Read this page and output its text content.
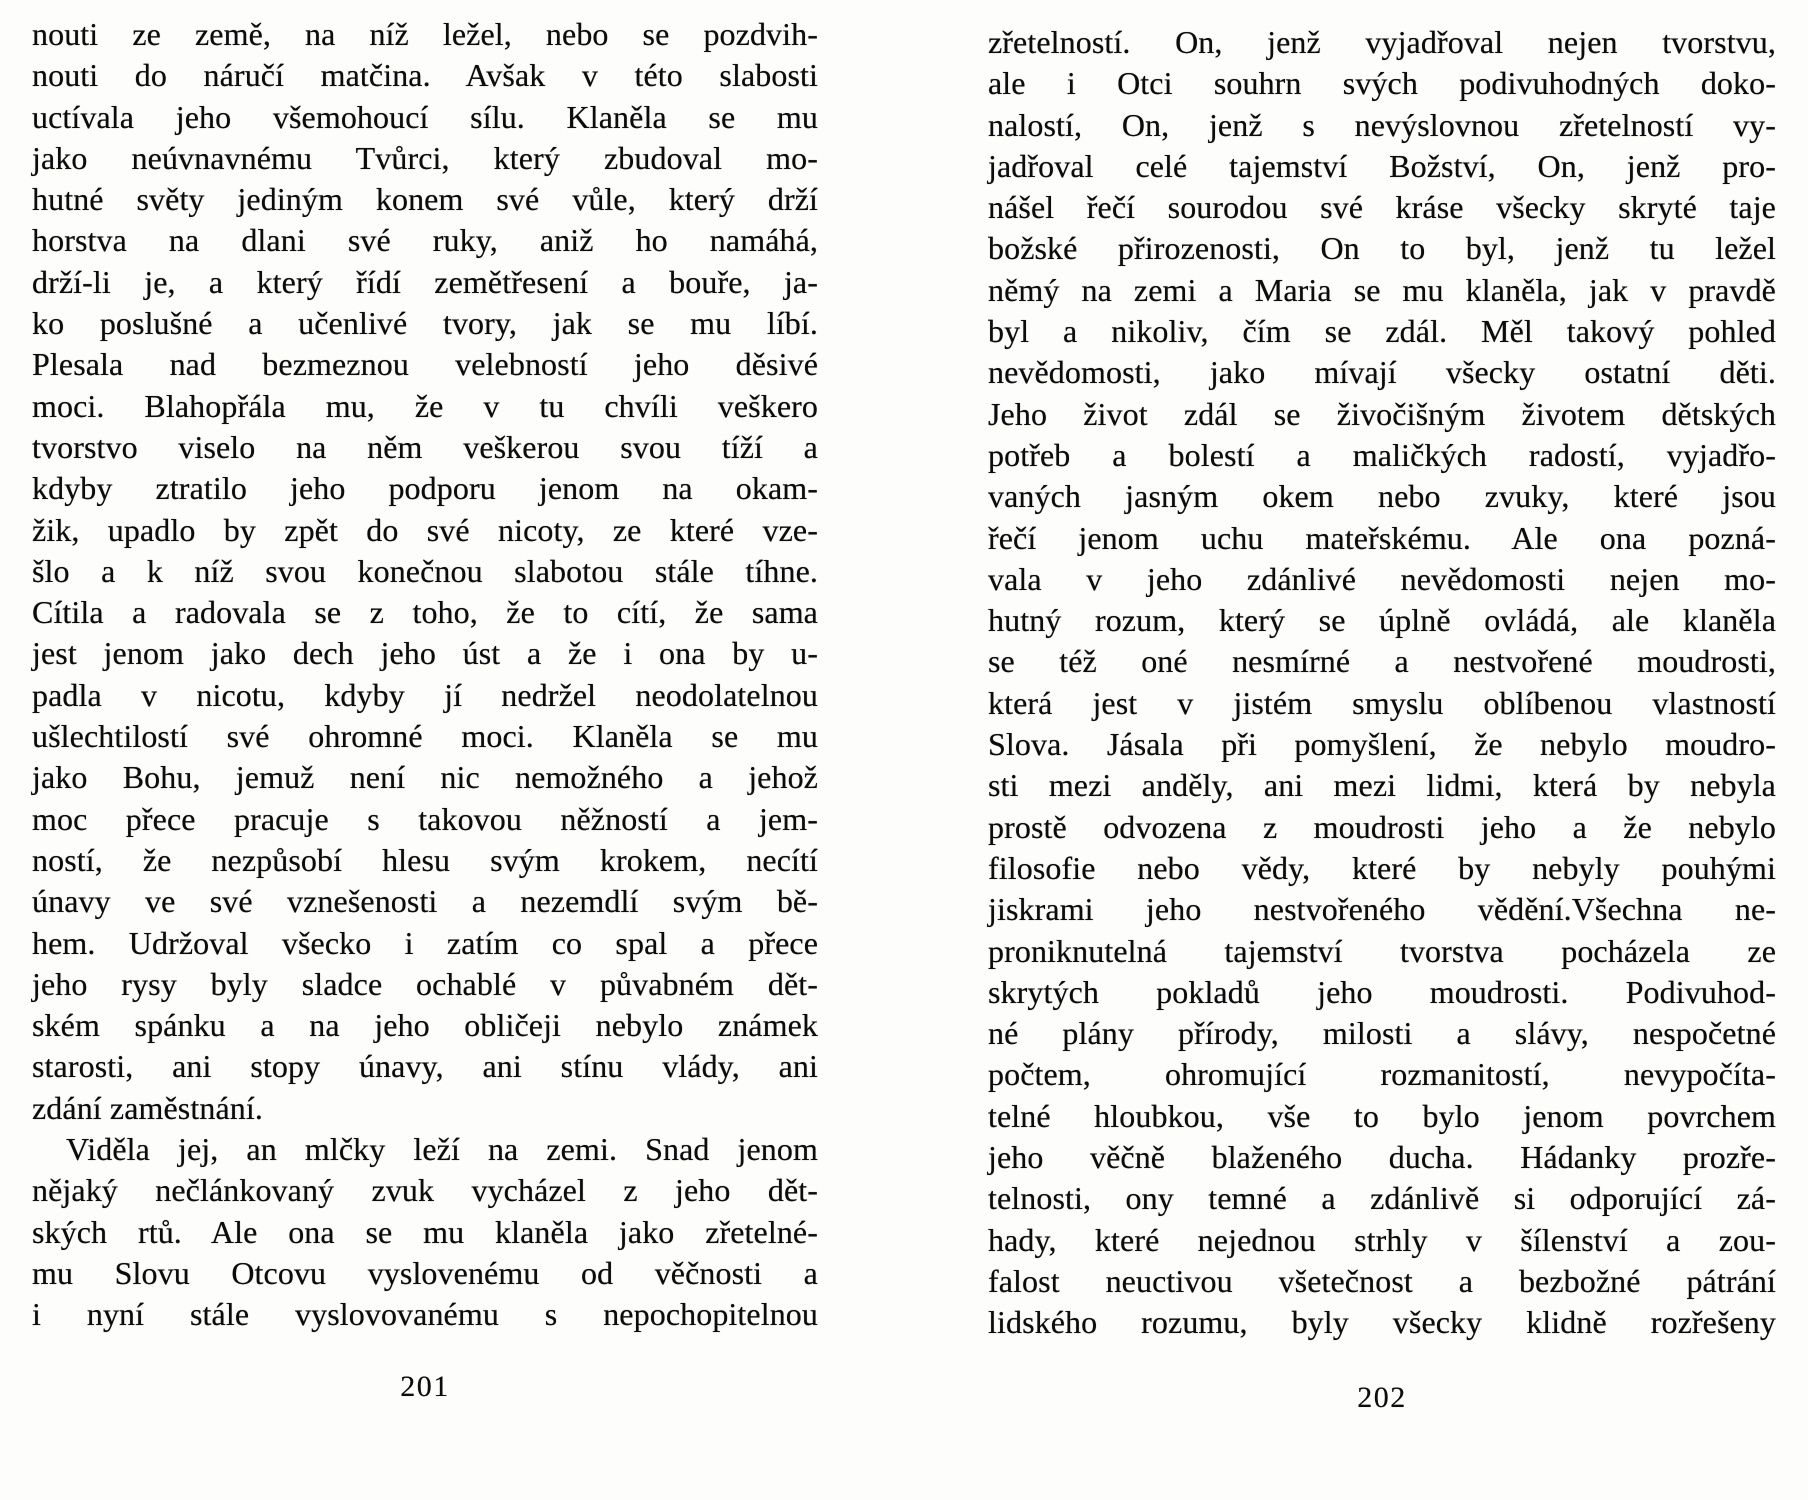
nouti ze země, na níž ležel, nebo se pozdvih-
nouti do náručí matčina. Avšak v této slabosti
uctívala jeho všemohoucí sílu. Klaněla se mu
jako neúvnavnému Tvůrci, který zbudoval mo-
hutné světy jediným konem své vůle, který drží
horstva na dlani své ruky, aniž ho namáhá,
drží-li je, a který řídí zemětřesení a bouře, ja-
ko poslušné a učenlivé tvory, jak se mu líbí.
Plesala nad bezmeznou velebností jeho děsivé
moci. Blahopřála mu, že v tu chvíli veškero
tvorstvo viselo na něm veškerou svou tíží a
kdyby ztratilo jeho podporu jenom na okam-
žik, upadlo by zpět do své nicoty, ze které vze-
šlo a k níž svou konečnou slabotou stále tíhne.
Cítila a radovala se z toho, že to cítí, že sama
jest jenom jako dech jeho úst a že i ona by u-
padla v nicotu, kdyby jí nedržel neodolatelnou
ušlechtilostí své ohromné moci. Klaněla se mu
jako Bohu, jemuž není nic nemožného a jehož
moc přece pracuje s takovou něžností a jem-
ností, že nezpůsobí hlesu svým krokem, necítí
únavy ve své vznešenosti a nezemdlí svým bě-
hem. Udržoval všecko i zatím co spal a přece
jeho rysy byly sladce ochablé v půvabném dět-
ském spánku a na jeho obličeji nebylo známek
starosti, ani stopy únavy, ani stínu vlády, ani
zdání zaměstnání.
Viděla jej, an mlčky leží na zemi. Snad jenom
nějaký nečlánkovaný zvuk vycházel z jeho dět-
ských rtů. Ale ona se mu klaněla jako zřetelné-
mu Slovu Otcovu vyslovenému od věčnosti a
i nyní stále vyslovovanému s nepochopitelnou
zřetelností. On, jenž vyjadřoval nejen tvorstvu,
ale i Otci souhrn svých podivuhodných doko-
nalostí, On, jenž s nevýslovnou zřetelností vy-
jadřoval celé tajemství Božství, On, jenž pro-
nášel řečí sourodou své kráse všecky skryté taje
božské přirozenosti, On to byl, jenž tu ležel
němý na zemi a Maria se mu klaněla, jak v pravdě
byl a nikoliv, čím se zdál. Měl takový pohled
nevědomosti, jako mívají všecky ostatní děti.
Jeho život zdál se živočišným životem dětských
potřeb a bolestí a maličkých radostí, vyjadřo-
vaných jasným okem nebo zvuky, které jsou
řečí jenom uchu mateřskému. Ale ona pozná-
vala v jeho zdánlivé nevědomosti nejen mo-
hutný rozum, který se úplně ovládá, ale klaněla
se též oné nesmírné a nestvořené moudrosti,
která jest v jistém smyslu oblíbenou vlastností
Slova. Jásala při pomyšlení, že nebylo moudro-
sti mezi anděly, ani mezi lidmi, která by nebyla
prostě odvozena z moudrosti jeho a že nebylo
filosofie nebo vědy, které by nebyly pouhými
jiskrami jeho nestvořeného vědění.Všechna ne-
proniknutelná tajemství tvorstva pocházela ze
skrytých pokladů jeho moudrosti. Podivuhod-
né plány přírody, milosti a slávy, nespočetné
počtem, ohromující rozmanitostí, nevypočíta-
telné hloubkou, vše to bylo jenom povrchem
jeho věčně blaženého ducha. Hádanky prozře-
telnosti, ony temné a zdánlivě si odporující zá-
hady, které nejednou strhly v šílenství a zou-
falost neuctivou všetečnost a bezbožné pátrání
lidského rozumu, byly všecky klidně rozřešeny
201	202
